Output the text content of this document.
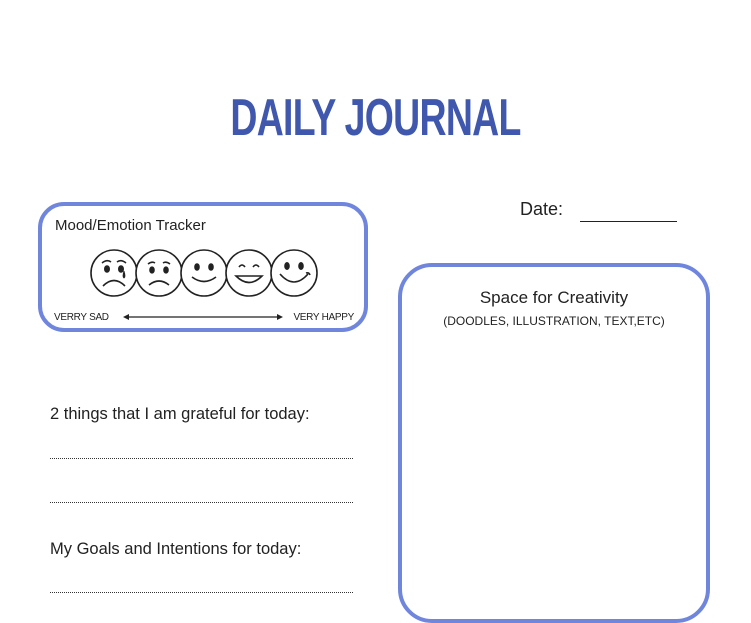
DAILY JOURNAL
Mood/Emotion Tracker
VERRY SAD	VERY HAPPY
Date:
Space for Creativity
(DOODLES, ILLUSTRATION, TEXT,ETC)
2 things that I am grateful for today:
My Goals and Intentions for today:
